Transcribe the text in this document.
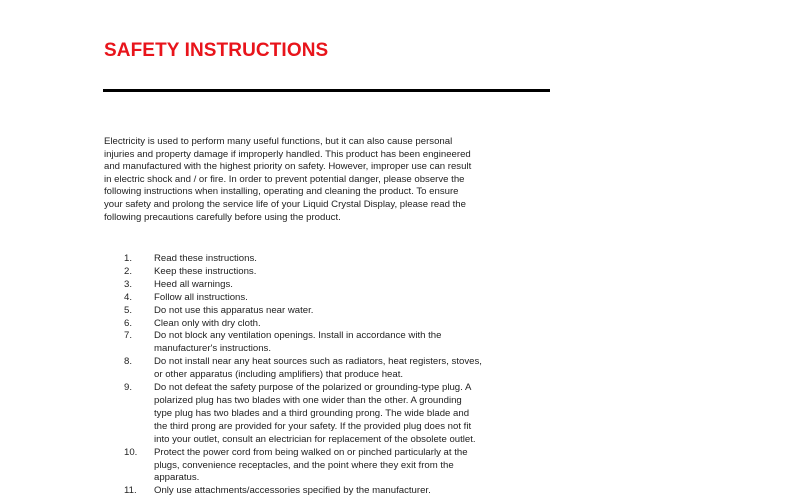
SAFETY INSTRUCTIONS
Electricity is used to perform many useful functions, but it can also cause personal
injuries and property damage if improperly handled. This product has been engineered
and manufactured with the highest priority on safety. However, improper use can result
in electric shock and / or fire. In order to prevent potential danger, please observe the
following instructions when installing, operating and cleaning the product. To ensure
your safety and prolong the service life of your Liquid Crystal Display, please read the
following precautions carefully before using the product.
1.	Read these instructions.
2.	Keep these instructions.
3.	Heed all warnings.
4.	Follow all instructions.
5.	Do not use this apparatus near water.
6.	Clean only with dry cloth.
7.	Do not block any ventilation openings. Install in accordance with the
manufacturer's instructions.
8.	Do not install near any heat sources such as radiators, heat registers, stoves,
or other apparatus (including amplifiers) that produce heat.
9.	Do not defeat the safety purpose of the polarized or grounding-type plug. A
polarized plug has two blades with one wider than the other. A grounding
type plug has two blades and a third grounding prong. The wide blade and
the third prong are provided for your safety. If the provided plug does not fit
into your outlet, consult an electrician for replacement of the obsolete outlet.
10.	Protect the power cord from being walked on or pinched particularly at the
plugs, convenience receptacles, and the point where they exit from the
apparatus.
11.	Only use attachments/accessories specified by the manufacturer.
